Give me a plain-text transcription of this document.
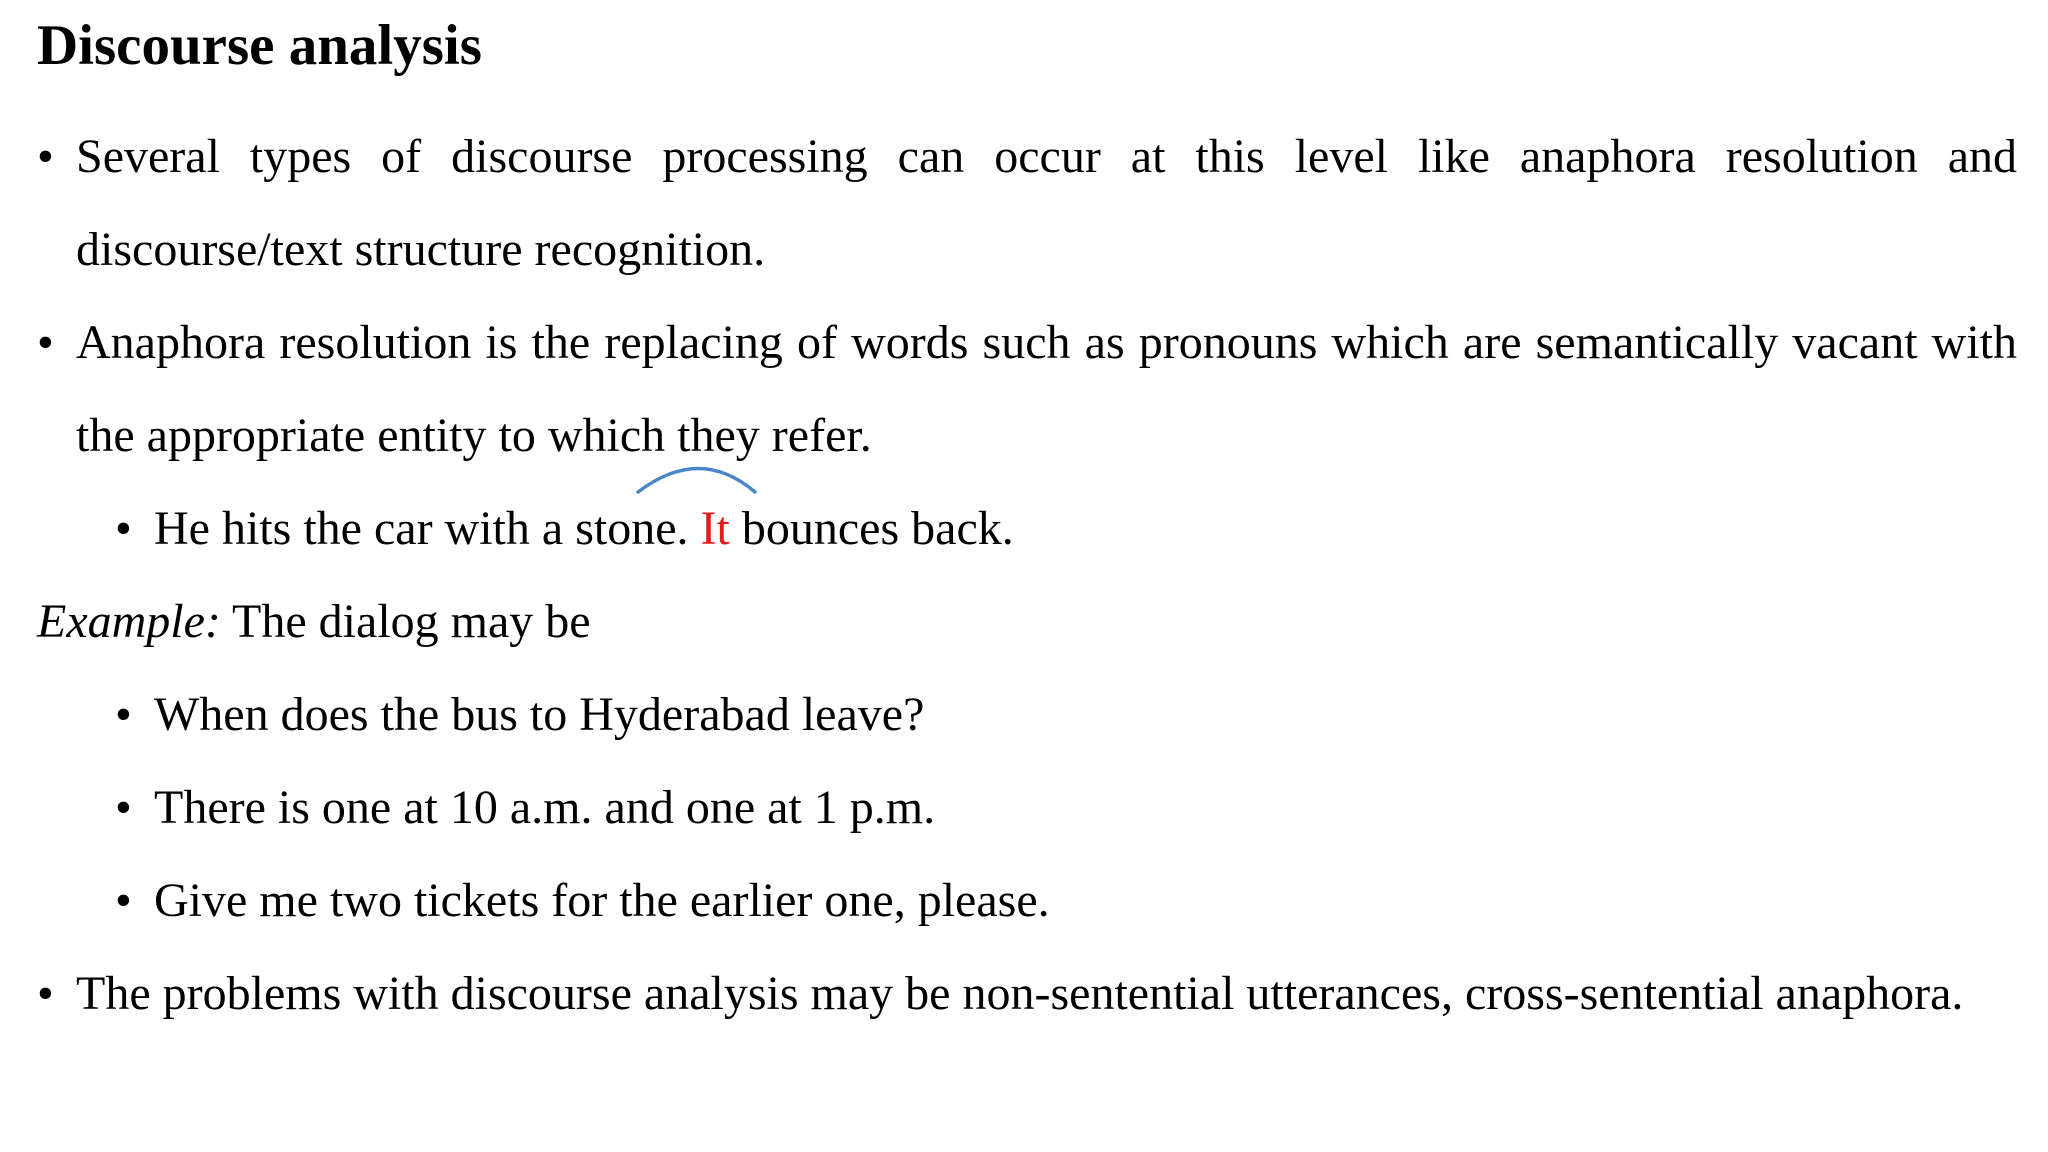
Discourse analysis
• Several types of discourse processing can occur at this level like anaphora resolution and discourse/text structure recognition.
• Anaphora resolution is the replacing of words such as pronouns which are semantically vacant with the appropriate entity to which they refer.
• He hits the car with a stone. It bounces back.
Example: The dialog may be
• When does the bus to Hyderabad leave?
• There is one at 10 a.m. and one at 1 p.m.
• Give me two tickets for the earlier one, please.
• The problems with discourse analysis may be non-sentential utterances, cross-sentential anaphora.
